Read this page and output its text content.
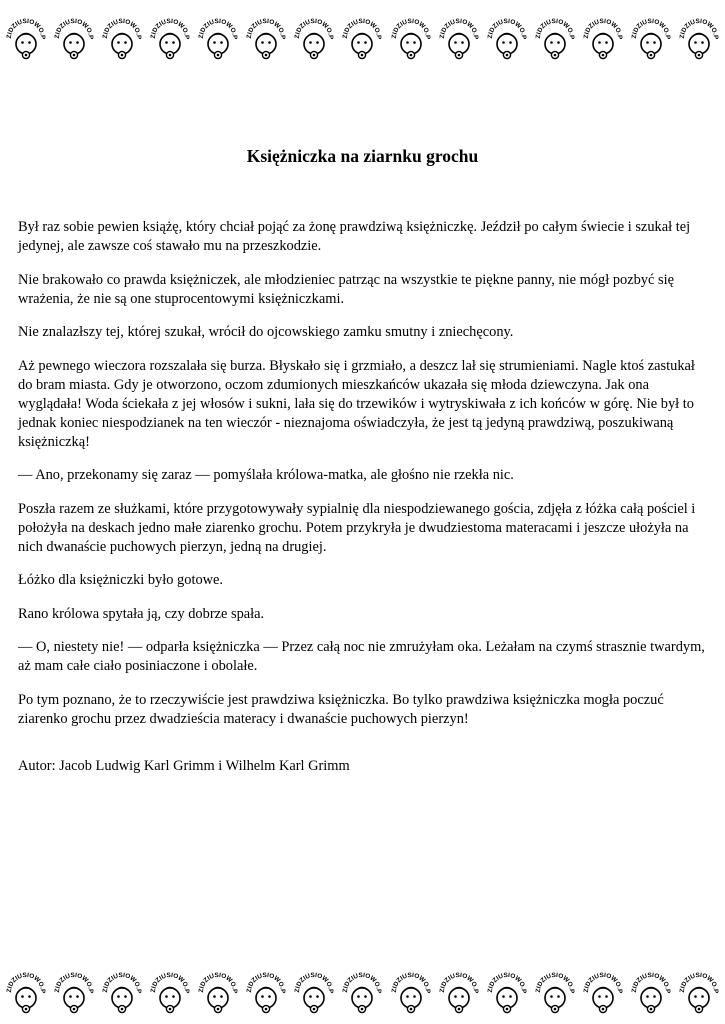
Księżniczka na ziarnku grochu

Był raz sobie pewien książę, który chciał pojąć za żonę prawdziwą księżniczkę. Jeździł po całym świecie i szukał tej jedynej, ale zawsze coś stawało mu na przeszkodzie.

Nie brakowało co prawda księżniczek, ale młodzieniec patrząc na wszystkie te piękne panny, nie mógł pozbyć się wrażenia, że nie są one stuprocentowymi księżniczkami.

Nie znalazłszy tej, której szukał, wrócił do ojcowskiego zamku smutny i zniechęcony.

Aż pewnego wieczora rozszalała się burza. Błyskało się i grzmiało, a deszcz lał się strumieniami. Nagle ktoś zastukał do bram miasta. Gdy je otworzono, oczom zdumionych mieszkańców ukazała się młoda dziewczyna. Jak ona wyglądała! Woda ściekała z jej włosów i sukni, lała się do trzewików i wytryskiwała z ich końców w górę. Nie był to jednak koniec niespodzianek na ten wieczór - nieznajoma oświadczyła, że jest tą jedyną prawdziwą, poszukiwaną księżniczką!

— Ano, przekonamy się zaraz — pomyślała królowa-matka, ale głośno nie rzekła nic.

Poszła razem ze służkami, które przygotowywały sypialnię dla niespodziewanego gościa, zdjęła z łóżka całą pościel i położyła na deskach jedno małe ziarenko grochu. Potem przykryła je dwudziestoma materacami i jeszcze ułożyła na nich dwanaście puchowych pierzyn, jedną na drugiej.

Łóżko dla księżniczki było gotowe.

Rano królowa spytała ją, czy dobrze spała.

— O, niestety nie! — odparła księżniczka — Przez całą noc nie zmrużyłam oka. Leżałam na czymś strasznie twardym, aż mam całe ciało posiniaczone i obolałe.

Po tym poznano, że to rzeczywiście jest prawdziwa księżniczka. Bo tylko prawdziwa księżniczka mogła poczuć ziarenko grochu przez dwadzieścia materacy i dwanaście puchowych pierzyn!

Autor: Jacob Ludwig Karl Grimm i Wilhelm Karl Grimm
